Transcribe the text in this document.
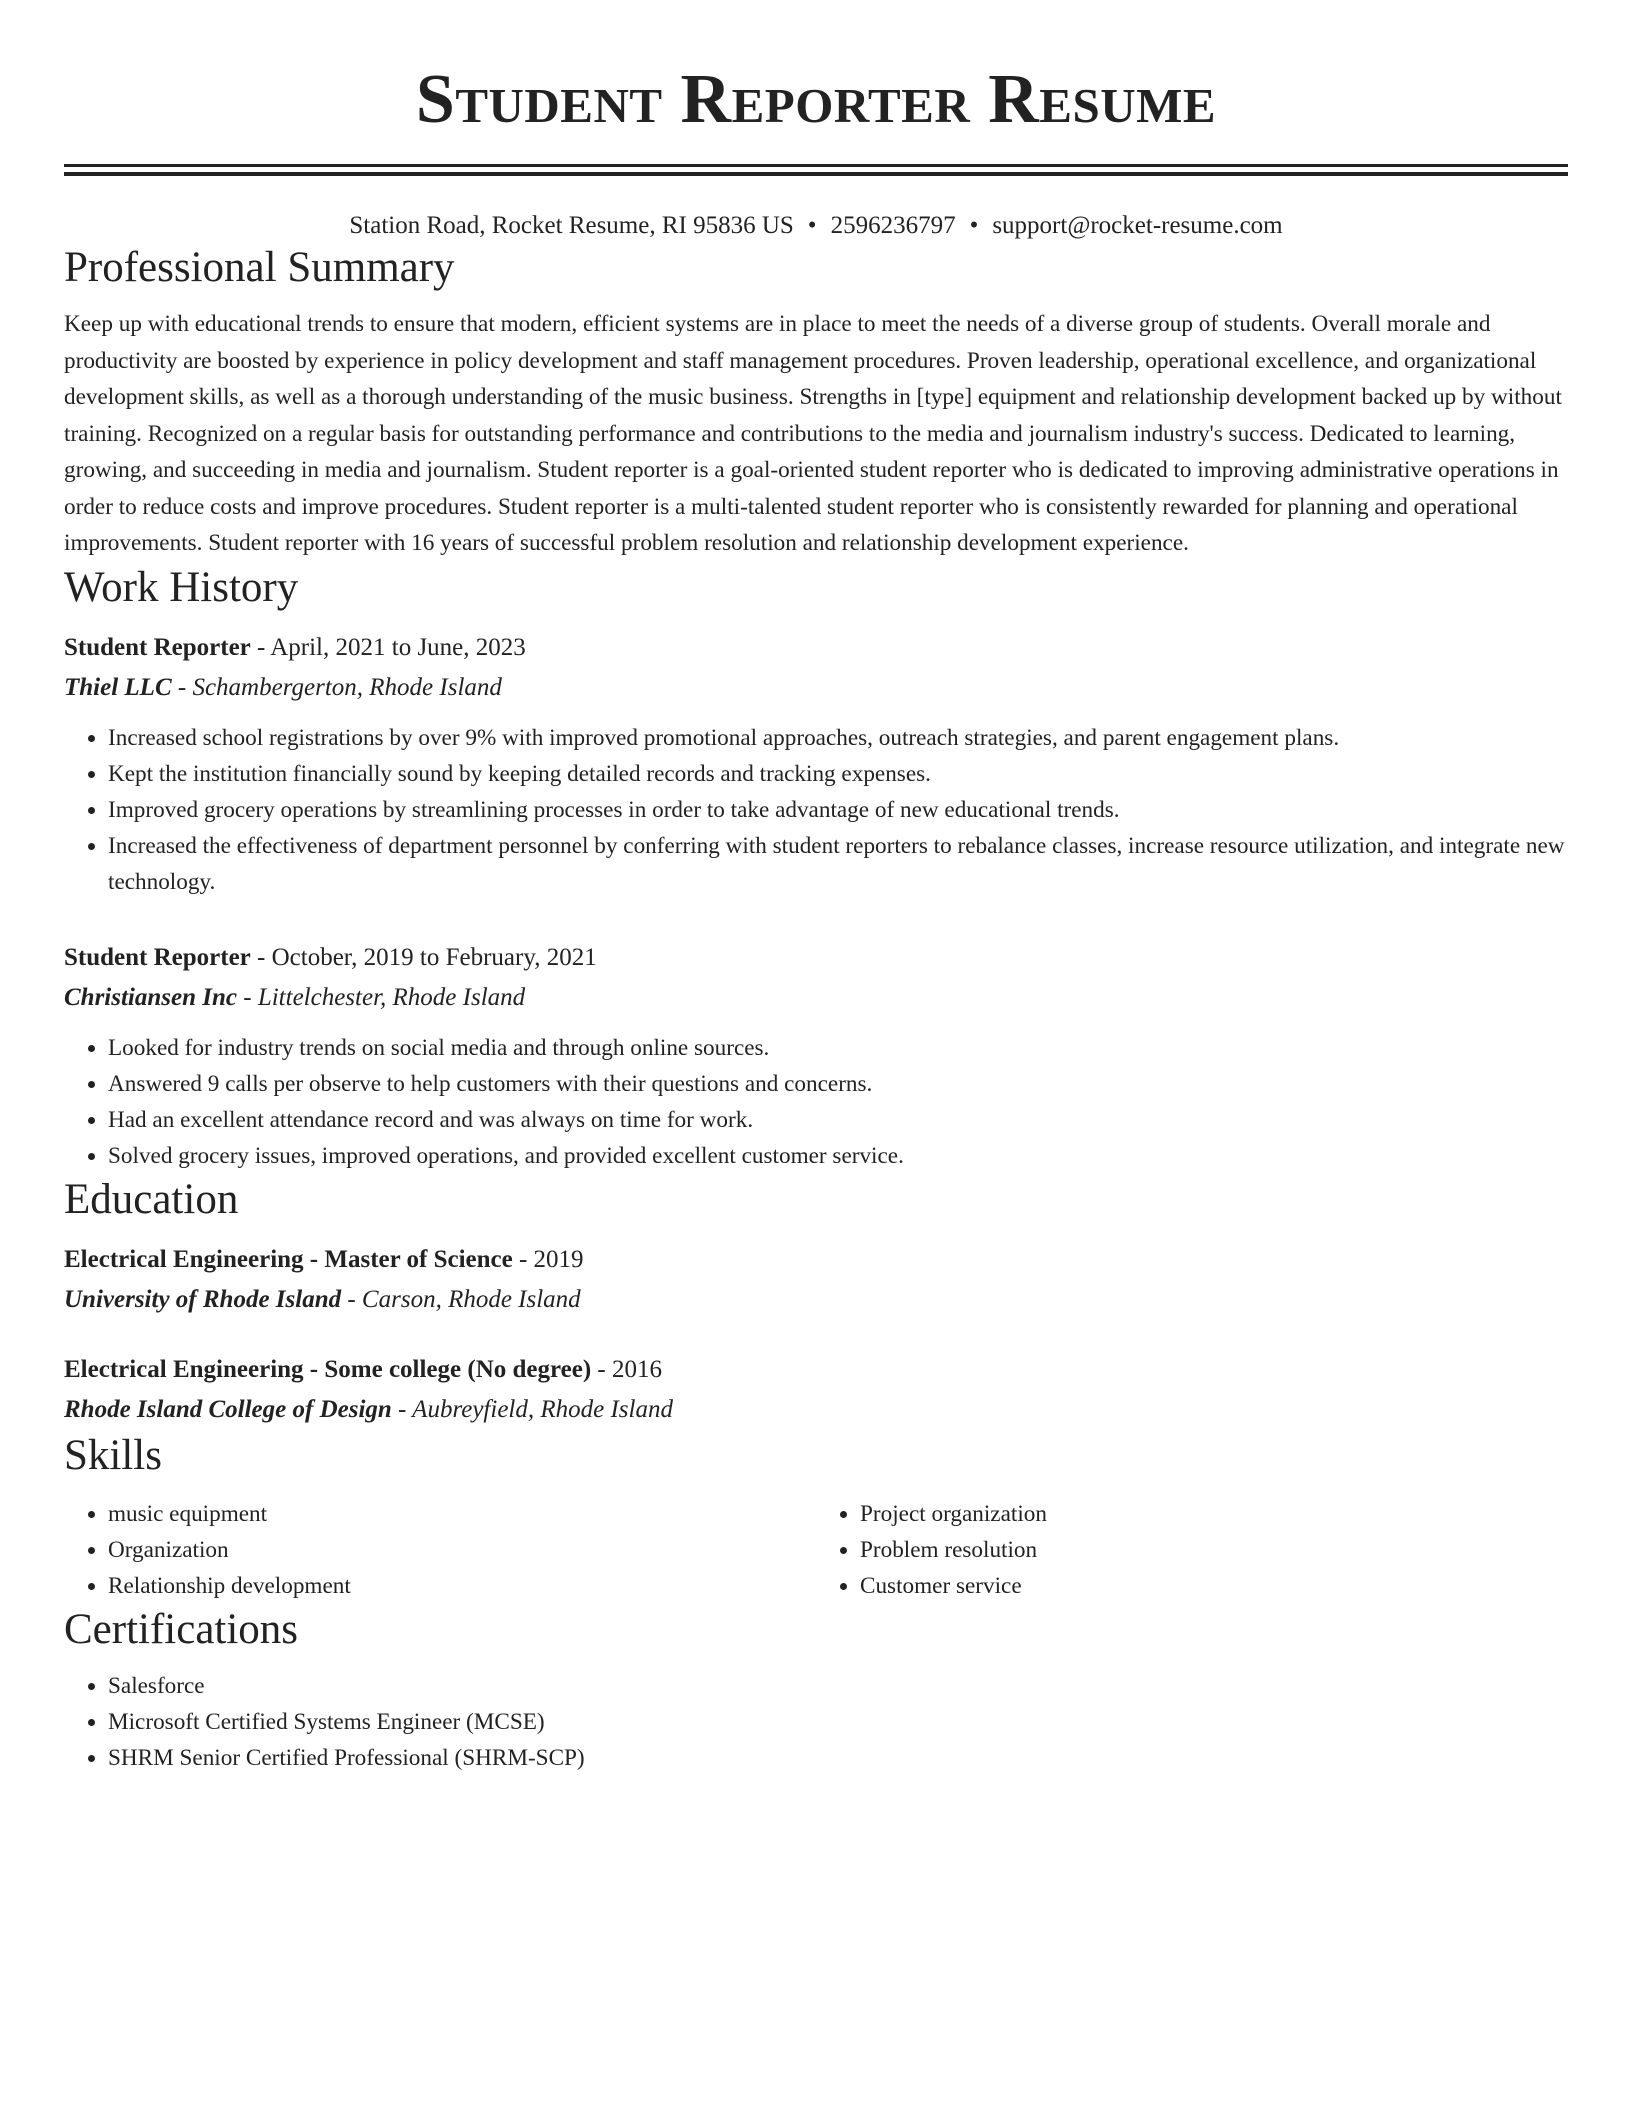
Student Reporter Resume
Station Road, Rocket Resume, RI 95836 US • 2596236797 • support@rocket-resume.com
Professional Summary

Keep up with educational trends to ensure that modern, efficient systems are in place to meet the needs of a diverse group of students. Overall morale and productivity are boosted by experience in policy development and staff management procedures. Proven leadership, operational excellence, and organizational development skills, as well as a thorough understanding of the music business. Strengths in [type] equipment and relationship development backed up by without training. Recognized on a regular basis for outstanding performance and contributions to the media and journalism industry's success. Dedicated to learning, growing, and succeeding in media and journalism. Student reporter is a goal-oriented student reporter who is dedicated to improving administrative operations in order to reduce costs and improve procedures. Student reporter is a multi-talented student reporter who is consistently rewarded for planning and operational improvements. Student reporter with 16 years of successful problem resolution and relationship development experience.

Work History
Student Reporter - April, 2021 to June, 2023
Thiel LLC - Schambergerton, Rhode Island
• Increased school registrations by over 9% with improved promotional approaches, outreach strategies, and parent engagement plans.
• Kept the institution financially sound by keeping detailed records and tracking expenses.
• Improved grocery operations by streamlining processes in order to take advantage of new educational trends.
• Increased the effectiveness of department personnel by conferring with student reporters to rebalance classes, increase resource utilization, and integrate new technology.
Student Reporter - October, 2019 to February, 2021
Christiansen Inc - Littelchester, Rhode Island
• Looked for industry trends on social media and through online sources.
• Answered 9 calls per observe to help customers with their questions and concerns.
• Had an excellent attendance record and was always on time for work.
• Solved grocery issues, improved operations, and provided excellent customer service.
Education
Electrical Engineering - Master of Science - 2019
University of Rhode Island - Carson, Rhode Island
Electrical Engineering - Some college (No degree) - 2016
Rhode Island College of Design - Aubreyfield, Rhode Island
Skills
• music equipment
• Organization
• Relationship development
• Project organization
• Problem resolution
• Customer service
Certifications
• Salesforce
• Microsoft Certified Systems Engineer (MCSE)
• SHRM Senior Certified Professional (SHRM-SCP)
